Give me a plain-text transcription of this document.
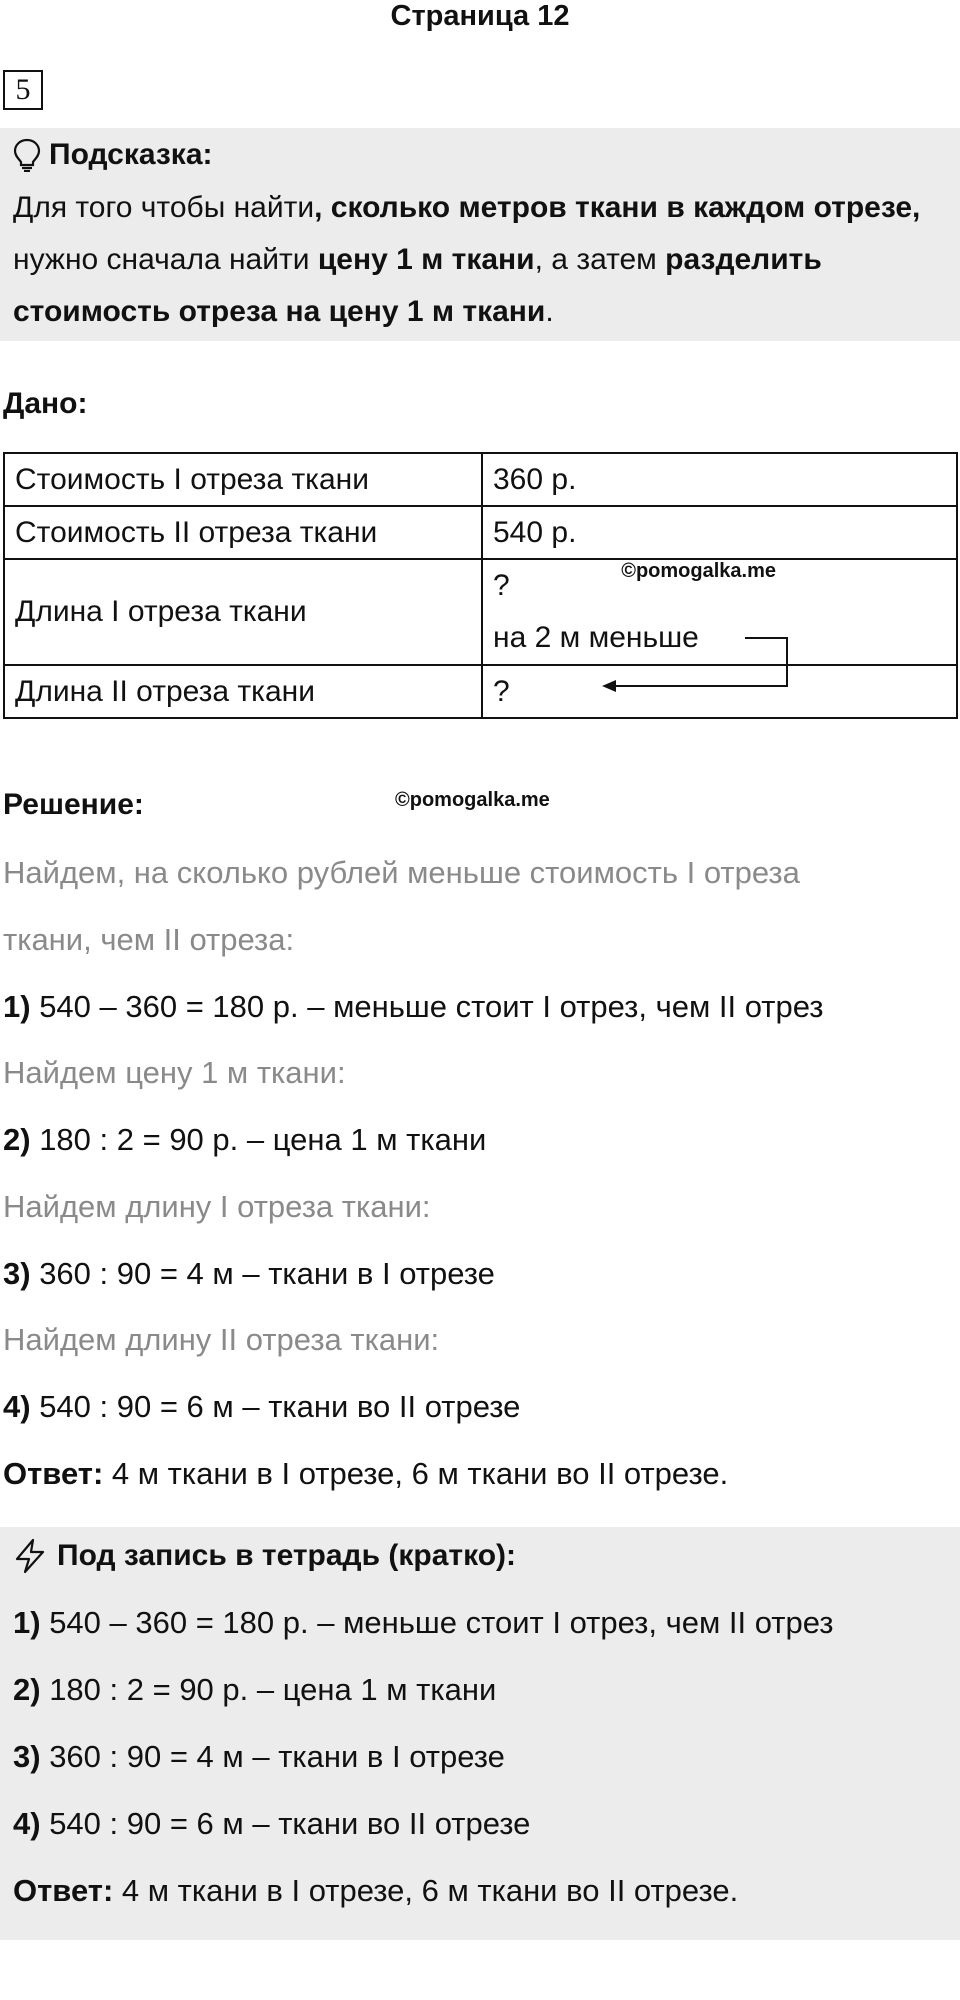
Страница 12
5
Подсказка:
Для того чтобы найти, сколько метров ткани в каждом отрезе, нужно сначала найти цену 1 м ткани, а затем разделить стоимость отреза на цену 1 м ткани.
Дано:
Стоимость I отреза ткани	360 р.
Стоимость II отреза ткани	540 р.
Длина I отреза ткани	? ©pomogalka.me
на 2 м меньше

Длина II отреза ткани	?
Решение:	©pomogalka.me
Найдем, на сколько рублей меньше стоимость I отреза
ткани, чем II отреза:
1) 540 – 360 = 180 р. – меньше стоит I отрез, чем II отрез
Найдем цену 1 м ткани:
2) 180 : 2 = 90 р. – цена 1 м ткани
Найдем длину I отреза ткани:
3) 360 : 90 = 4 м – ткани в I отрезе
Найдем длину II отреза ткани:
4) 540 : 90 = 6 м – ткани во II отрезе
Ответ: 4 м ткани в I отрезе, 6 м ткани во II отрезе.
Под запись в тетрадь (кратко):
1) 540 – 360 = 180 р. – меньше стоит I отрез, чем II отрез
2) 180 : 2 = 90 р. – цена 1 м ткани
3) 360 : 90 = 4 м – ткани в I отрезе
4) 540 : 90 = 6 м – ткани во II отрезе
Ответ: 4 м ткани в I отрезе, 6 м ткани во II отрезе.
